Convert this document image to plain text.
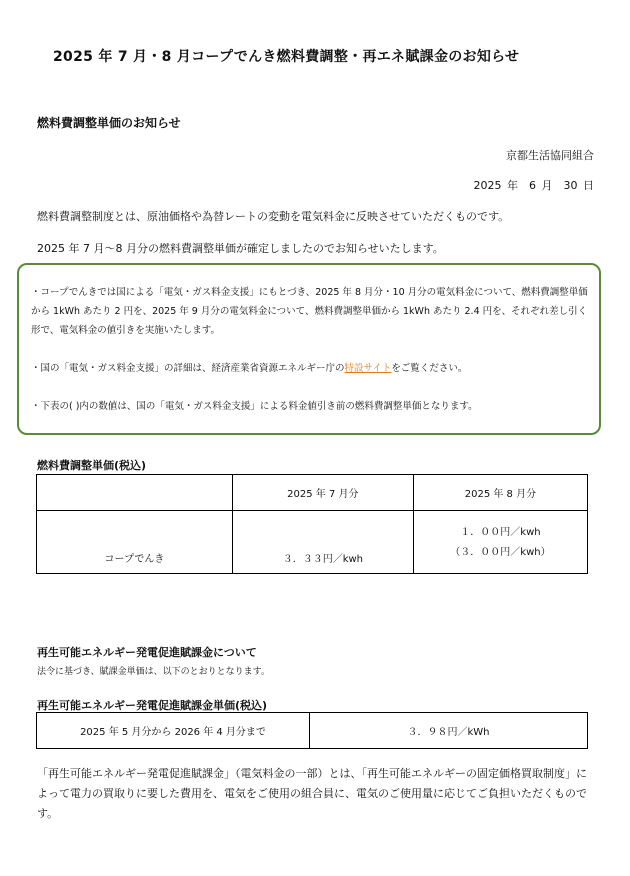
2025 年 7 月・8 月コープでんき燃料費調整・再エネ賦課金のお知らせ
燃料費調整単価のお知らせ
京都生活協同組合
2025 年　6 月　30 日
燃料費調整制度とは、原油価格や為替レートの変動を電気料金に反映させていただくものです。
2025 年 7 月～8 月分の燃料費調整単価が確定しましたのでお知らせいたします。
・コープでんきでは国による「電気・ガス料金支援」にもとづき、2025 年 8 月分・10 月分の電気料金について、燃料費調整単価から 1kWh あたり 2 円を、2025 年 9 月分の電気料金について、燃料費調整単価から 1kWh あたり 2.4 円を、それぞれ差し引く形で、電気料金の値引きを実施いたします。
・国の「電気・ガス料金支援」の詳細は、経済産業省資源エネルギー庁の特設サイトをご覧ください。
・下表の( )内の数値は、国の「電気・ガス料金支援」による料金値引き前の燃料費調整単価となります。
燃料費調整単価(税込)
	2025 年 7 月分	2025 年 8 月分
コープでんき	３．３３円／kwh	１．００円／kwh
（３．００円／kwh）
再生可能エネルギー発電促進賦課金について
法令に基づき、賦課金単価は、以下のとおりとなります。
再生可能エネルギー発電促進賦課金単価(税込)
2025 年 5 月分から 2026 年 4 月分まで	３．９８円／kWh
「再生可能エネルギー発電促進賦課金」（電気料金の一部）とは、「再生可能エネルギーの固定価格買取制度」によって電力の買取りに要した費用を、電気をご使用の組合員に、電気のご使用量に応じてご負担いただくものです。
